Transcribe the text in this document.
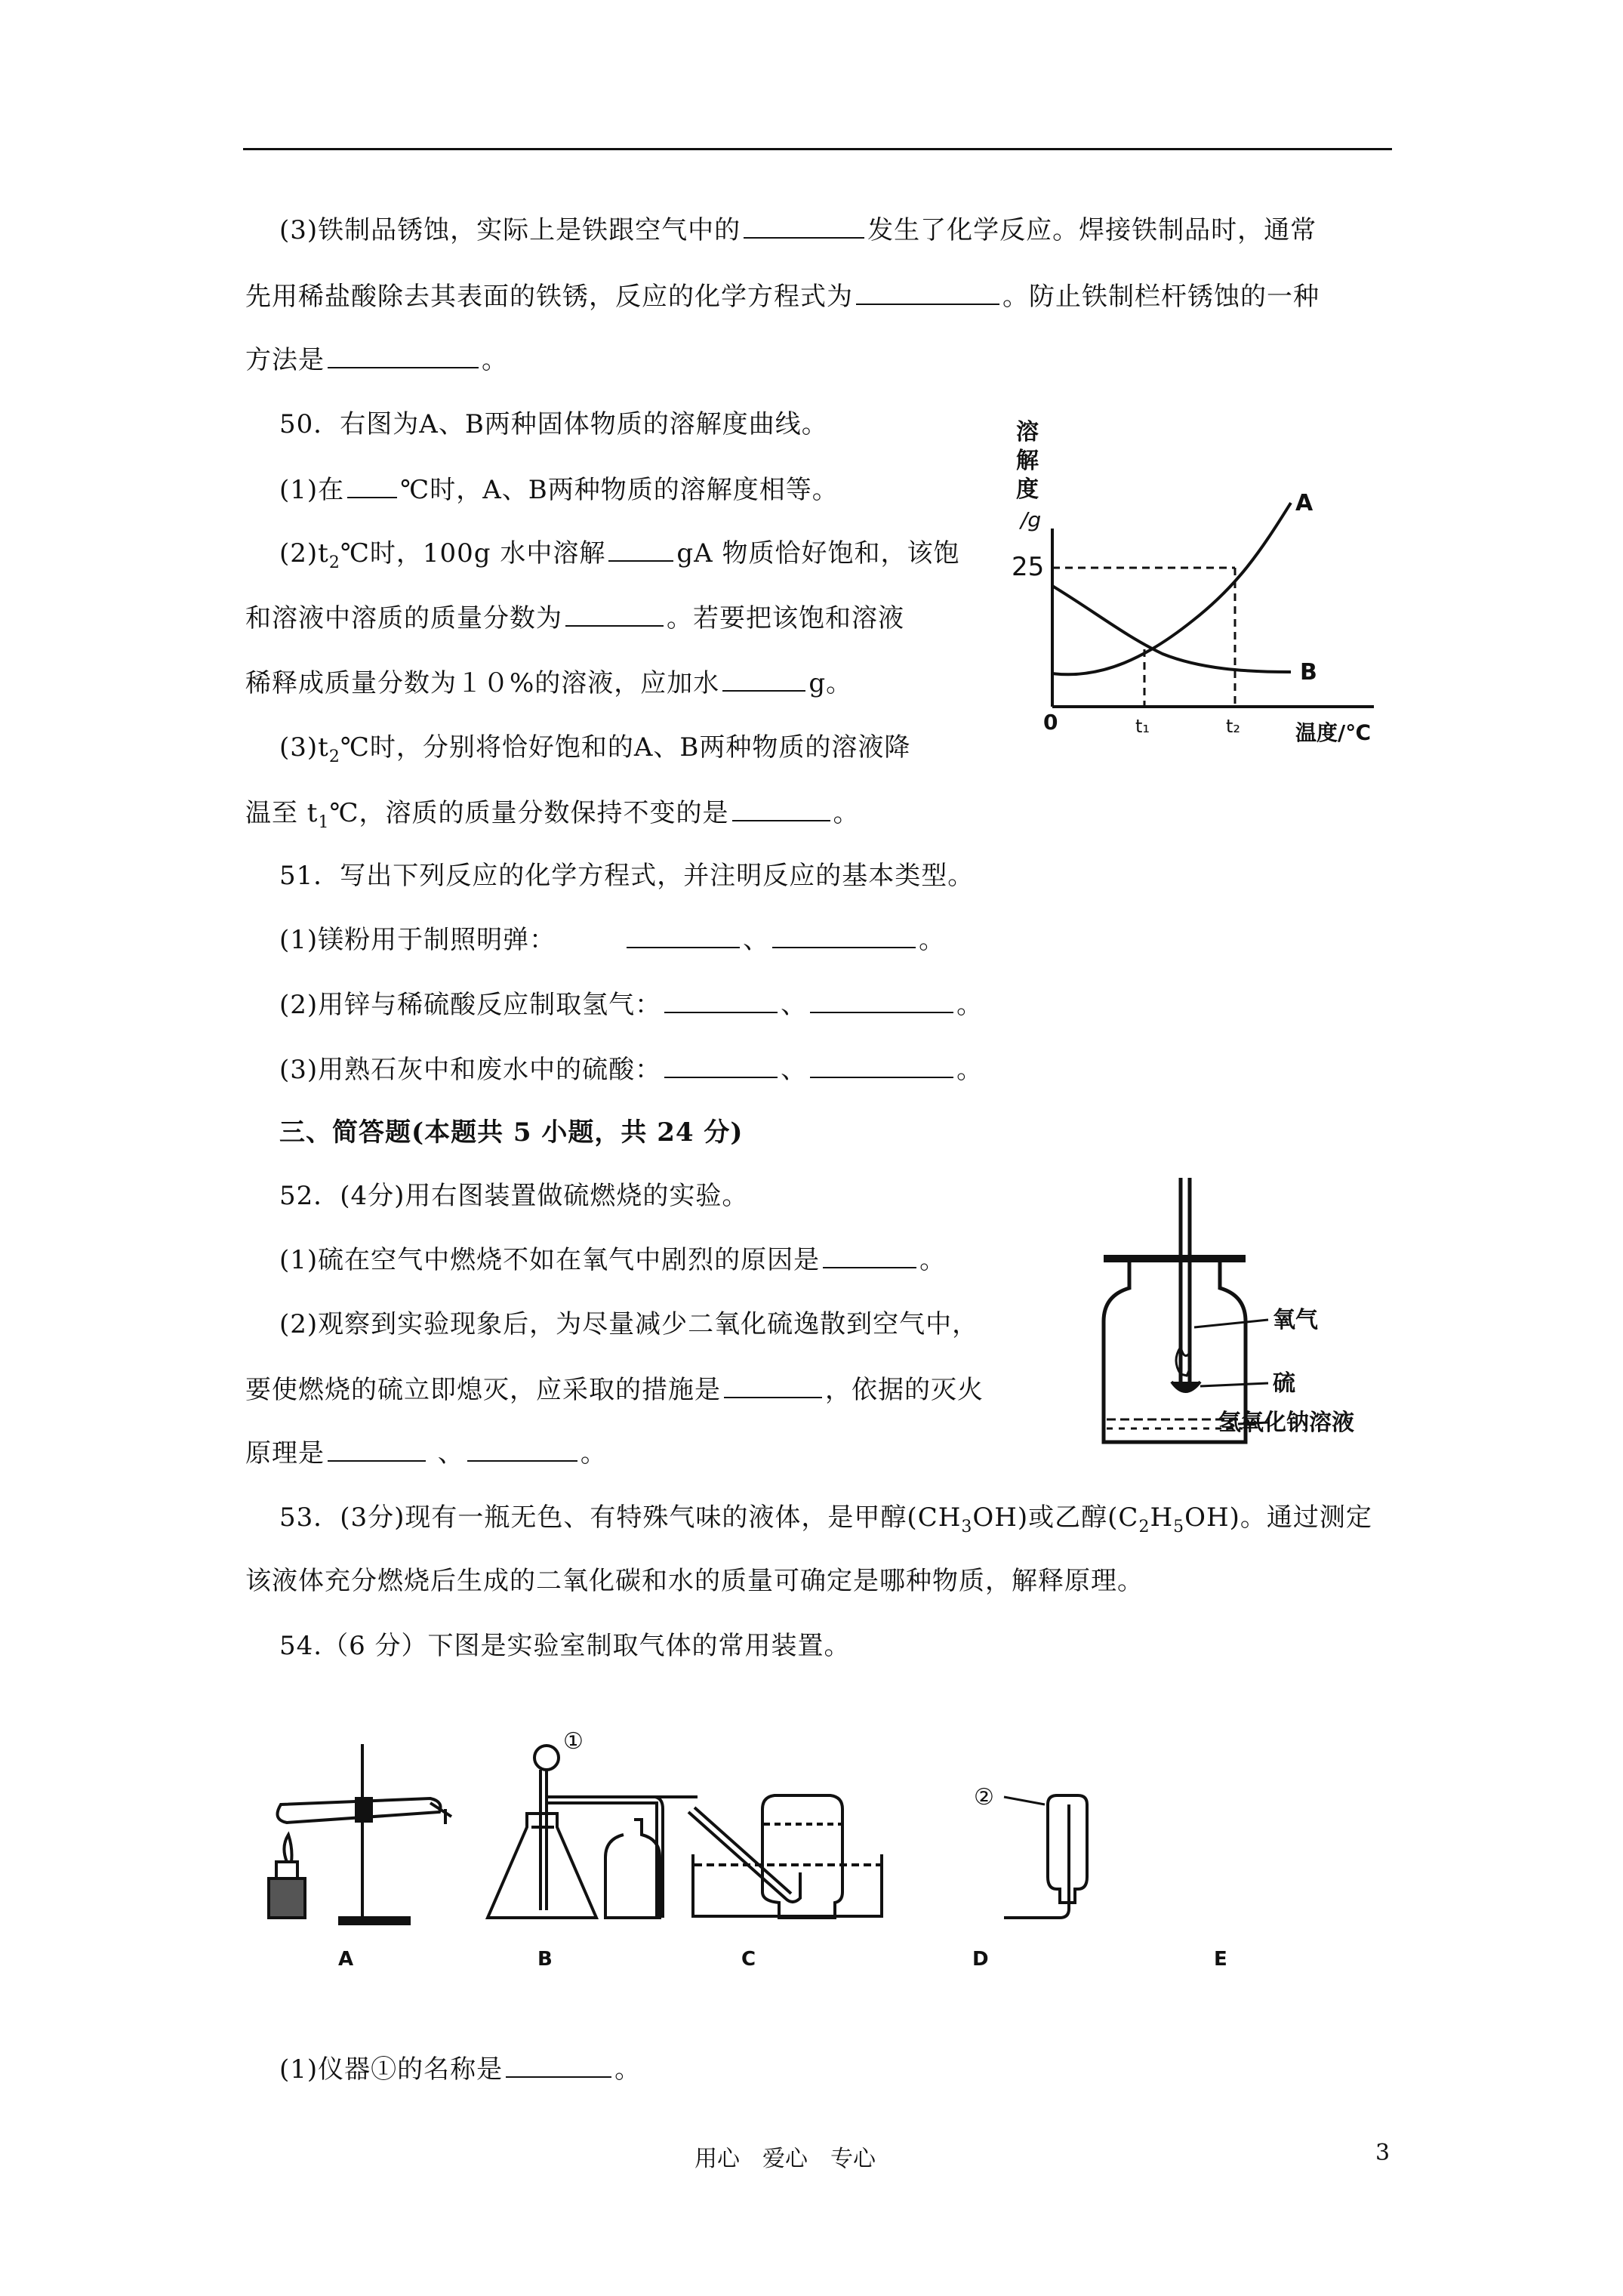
(3)铁制品锈蚀，实际上是铁跟空气中的	发生了化学反应。焊接铁制品时，通常
先用稀盐酸除去其表面的铁锈，反应的化学方程式为	。防止铁制栏杆锈蚀的一种
方法是	。
50．右图为A、B两种固体物质的溶解度曲线。
(1)在 ℃时，A、B两种物质的溶解度相等。
$(2)t_2℃$时，100g 水中溶解	gA 物质恰好饱和，该饱
和溶液中溶质的质量分数为	。若要把该饱和溶液
稀释成质量分数为１０%的溶液，应加水	g。
$(3)t_2℃$时，分别将恰好饱和的A、B两种物质的溶液降
温至 $t_1℃$，溶质的质量分数保持不变的是	。
溶
解
度
/g
25
A
B
0	t₁	t₂	温度/℃
51．写出下列反应的化学方程式，并注明反应的基本类型。
(1)镁粉用于制照明弹：	、	。
(2)用锌与稀硫酸反应制取氢气：	、	。
(3)用熟石灰中和废水中的硫酸：	、	。
三、简答题(本题共 5 小题，共 24 分)
52．(4分)用右图装置做硫燃烧的实验。
(1)硫在空气中燃烧不如在氧气中剧烈的原因是	。
(2)观察到实验现象后，为尽量减少二氧化硫逸散到空气中，
要使燃烧的硫立即熄灭，应采取的措施是	，依据的灭火
原理是	、	。
氧气
硫
氢氧化钠溶液
53．(3分)现有一瓶无色、有特殊气味的液体，是甲醇$(CH_3OH)$或乙醇$(C_2H_5OH)$。通过测定
该液体充分燃烧后生成的二氧化碳和水的质量可确定是哪种物质，解释原理。
54.（6 分）下图是实验室制取气体的常用装置。
①
②
A	B	C	D	E
(1)仪器①的名称是	。
用心　爱心　专心	3
